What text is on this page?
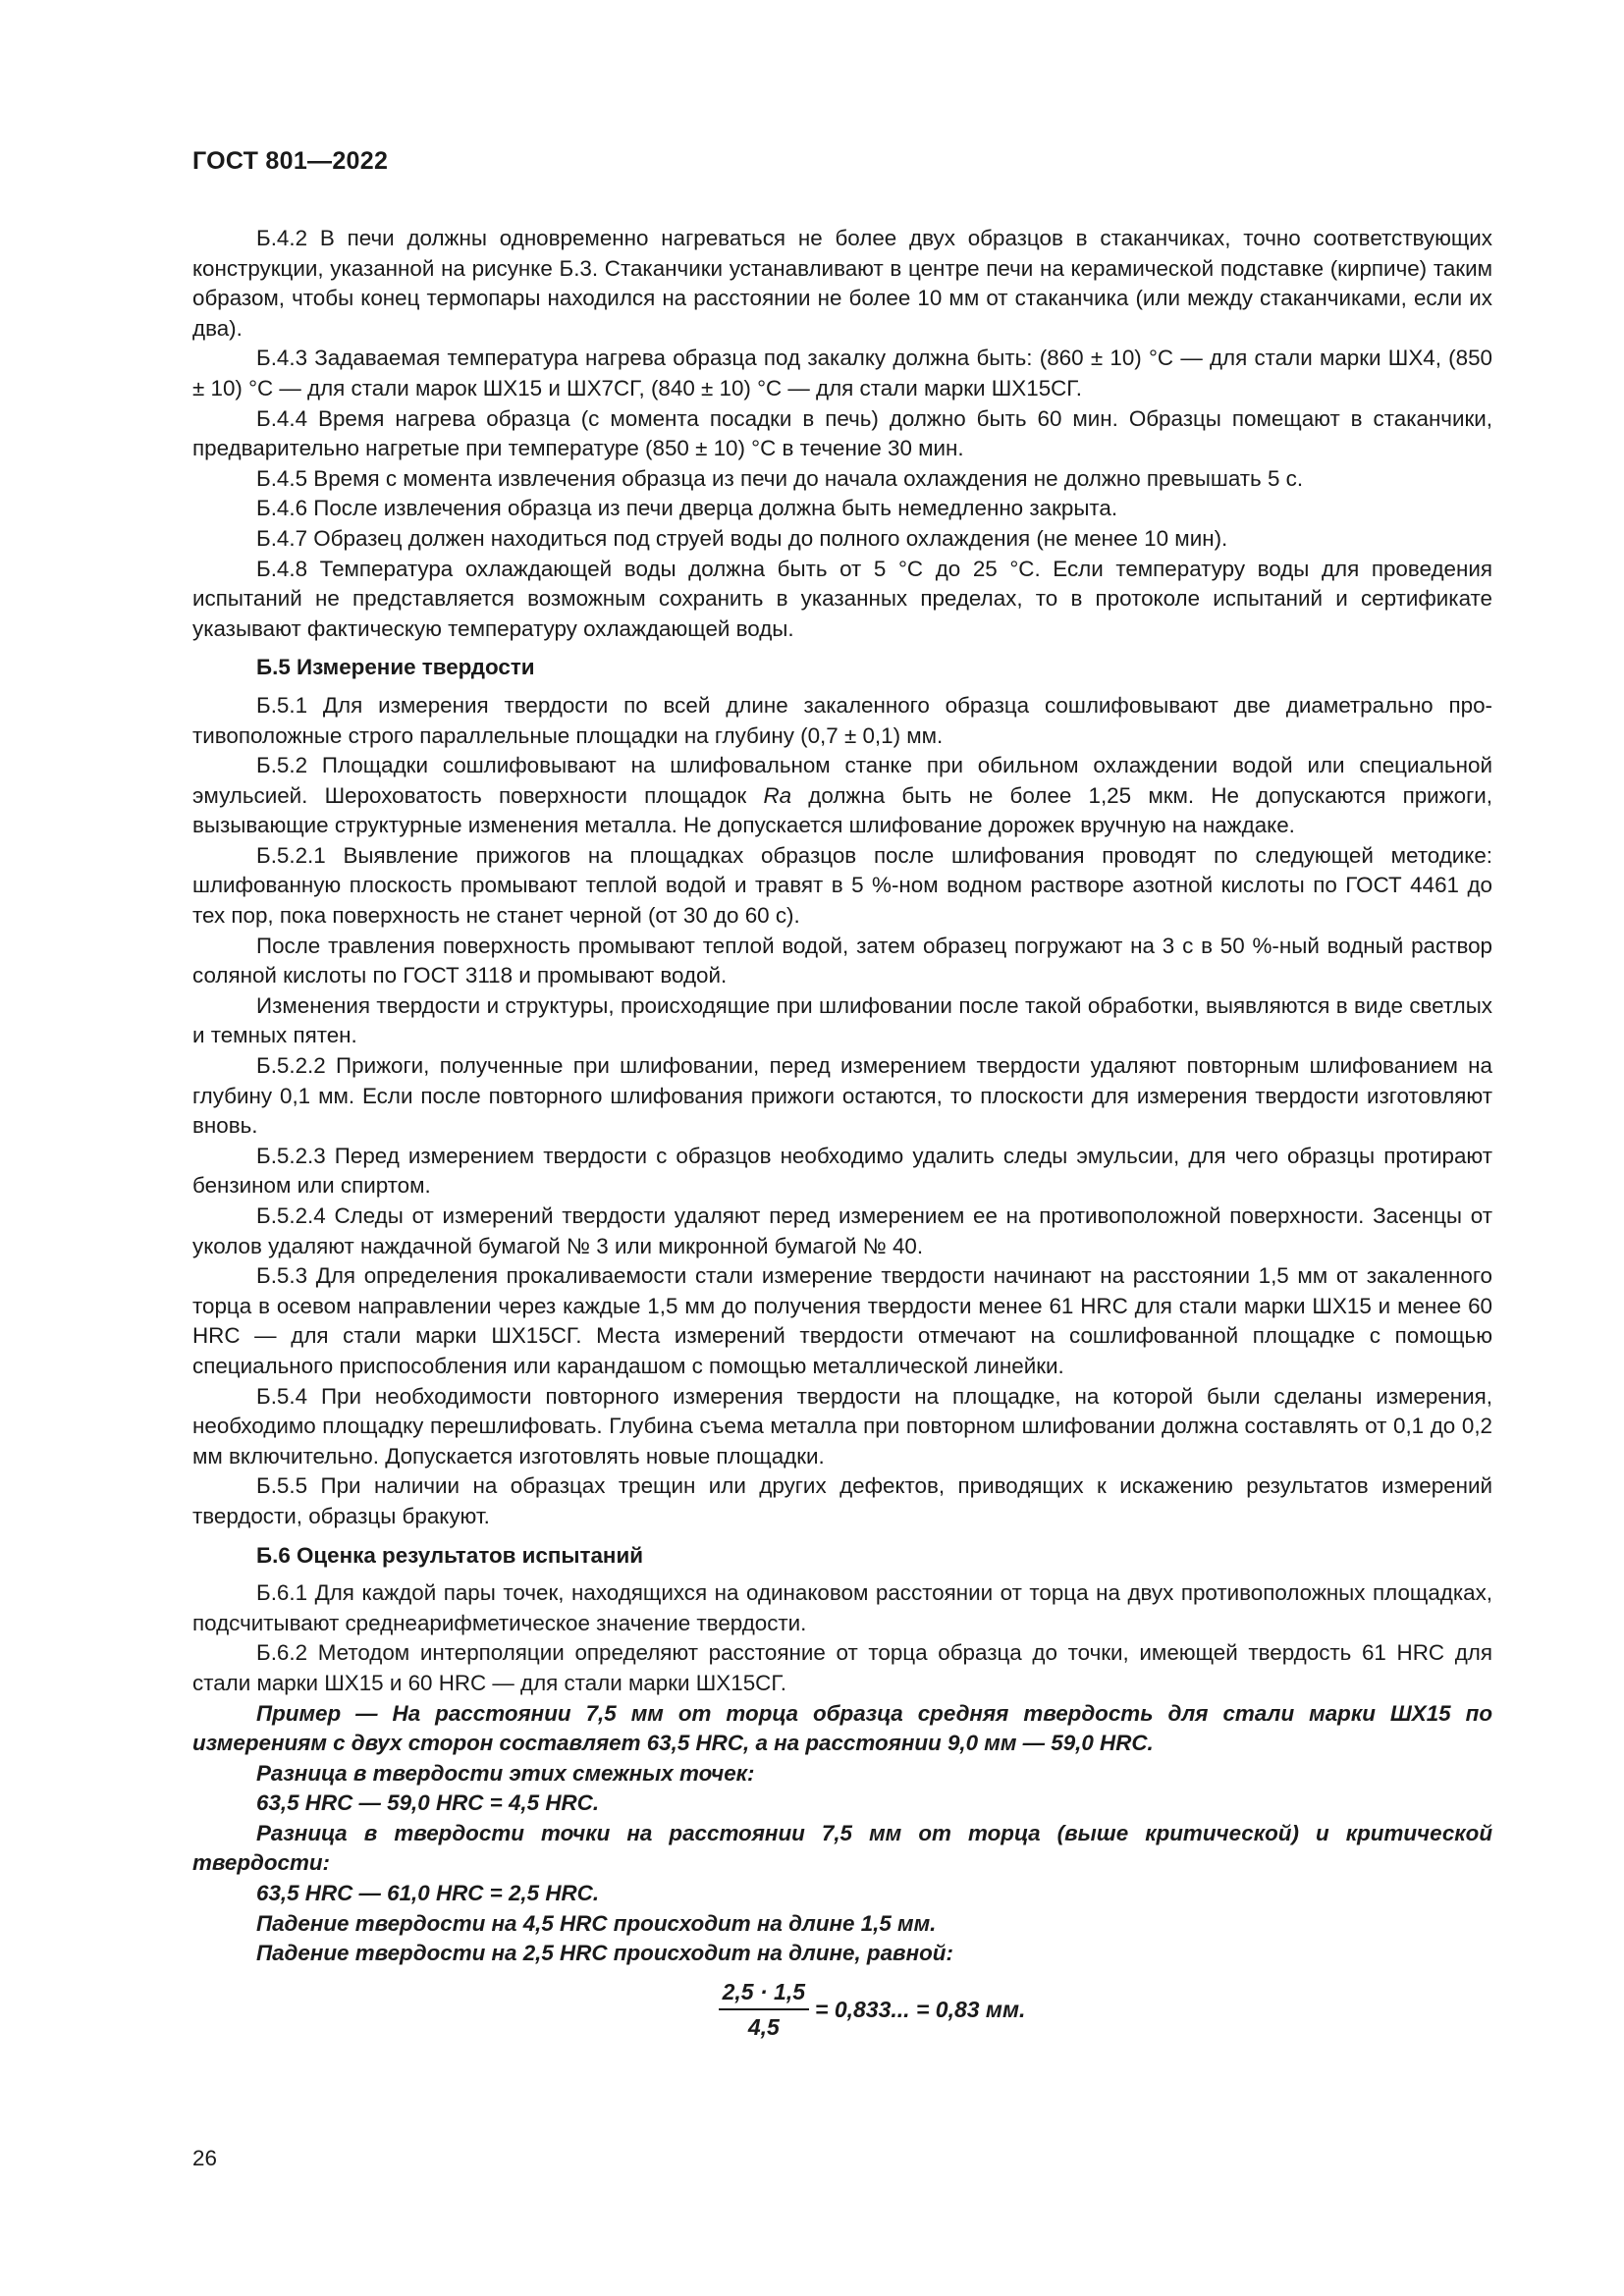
ГОСТ 801—2022

Б.4.2 В печи должны одновременно нагреваться не более двух образцов в стаканчиках, точно соответствующих конструкции, указанной на рисунке Б.3. Стаканчики устанавливают в центре печи на керамической подставке (кирпиче) таким образом, чтобы конец термопары находился на расстоянии не более 10 мм от стаканчика (или между стаканчиками, если их два).

Б.4.3 Задаваемая температура нагрева образца под закалку должна быть: (860 ± 10) °С — для стали марки ШХ4, (850 ± 10) °С — для стали марок ШХ15 и ШХ7СГ, (840 ± 10) °С — для стали марки ШХ15СГ.

Б.4.4 Время нагрева образца (с момента посадки в печь) должно быть 60 мин. Образцы помещают в стаканчики, предварительно нагретые при температуре (850 ± 10) °С в течение 30 мин.

Б.4.5 Время с момента извлечения образца из печи до начала охлаждения не должно превышать 5 с.

Б.4.6 После извлечения образца из печи дверца должна быть немедленно закрыта.

Б.4.7 Образец должен находиться под струей воды до полного охлаждения (не менее 10 мин).

Б.4.8 Температура охлаждающей воды должна быть от 5 °С до 25 °С. Если температуру воды для проведения испытаний не представляется возможным сохранить в указанных пределах, то в протоколе испытаний и сертификате указывают фактическую температуру охлаждающей воды.

Б.5 Измерение твердости

Б.5.1 Для измерения твердости по всей длине закаленного образца сошлифовывают две диаметрально противоположные строго параллельные площадки на глубину (0,7 ± 0,1) мм.

Б.5.2 Площадки сошлифовывают на шлифовальном станке при обильном охлаждении водой или специальной эмульсией. Шероховатость поверхности площадок Ra должна быть не более 1,25 мкм. Не допускаются прижоги, вызывающие структурные изменения металла. Не допускается шлифование дорожек вручную на наждаке.

Б.5.2.1 Выявление прижогов на площадках образцов после шлифования проводят по следующей методике: шлифованную плоскость промывают теплой водой и травят в 5 %-ном водном растворе азотной кислоты по ГОСТ 4461 до тех пор, пока поверхность не станет черной (от 30 до 60 с).

После травления поверхность промывают теплой водой, затем образец погружают на 3 с в 50 %-ный водный раствор соляной кислоты по ГОСТ 3118 и промывают водой.

Изменения твердости и структуры, происходящие при шлифовании после такой обработки, выявляются в виде светлых и темных пятен.

Б.5.2.2 Прижоги, полученные при шлифовании, перед измерением твердости удаляют повторным шлифованием на глубину 0,1 мм. Если после повторного шлифования прижоги остаются, то плоскости для измерения твердости изготовляют вновь.

Б.5.2.3 Перед измерением твердости с образцов необходимо удалить следы эмульсии, для чего образцы протирают бензином или спиртом.

Б.5.2.4 Следы от измерений твердости удаляют перед измерением ее на противоположной поверхности. Засенцы от уколов удаляют наждачной бумагой № 3 или микронной бумагой № 40.

Б.5.3 Для определения прокаливаемости стали измерение твердости начинают на расстоянии 1,5 мм от закаленного торца в осевом направлении через каждые 1,5 мм до получения твердости менее 61 HRC для стали марки ШХ15 и менее 60 HRC — для стали марки ШХ15СГ. Места измерений твердости отмечают на сошлифованной площадке с помощью специального приспособления или карандашом с помощью металлической линейки.

Б.5.4 При необходимости повторного измерения твердости на площадке, на которой были сделаны измерения, необходимо площадку перешлифовать. Глубина съема металла при повторном шлифовании должна составлять от 0,1 до 0,2 мм включительно. Допускается изготовлять новые площадки.

Б.5.5 При наличии на образцах трещин или других дефектов, приводящих к искажению результатов измерений твердости, образцы бракуют.

Б.6 Оценка результатов испытаний

Б.6.1 Для каждой пары точек, находящихся на одинаковом расстоянии от торца на двух противоположных площадках, подсчитывают среднеарифметическое значение твердости.

Б.6.2 Методом интерполяции определяют расстояние от торца образца до точки, имеющей твердость 61 HRC для стали марки ШХ15 и 60 HRC — для стали марки ШХ15СГ.

Пример — На расстоянии 7,5 мм от торца образца средняя твердость для стали марки ШХ15 по измерениям с двух сторон составляет 63,5 HRC, а на расстоянии 9,0 мм — 59,0 HRC.

Разница в твердости этих смежных точек:

63,5 HRC — 59,0 HRC = 4,5 HRC.

Разница в твердости точки на расстоянии 7,5 мм от торца (выше критической) и критической твердости:

63,5 HRC — 61,0 HRC = 2,5 HRC.

Падение твердости на 4,5 HRC происходит на длине 1,5 мм.

Падение твердости на 2,5 HRC происходит на длине, равной:

$\frac{2,5 \cdot 1,5}{4,5} = 0,833$... = 0,83 мм.
26
